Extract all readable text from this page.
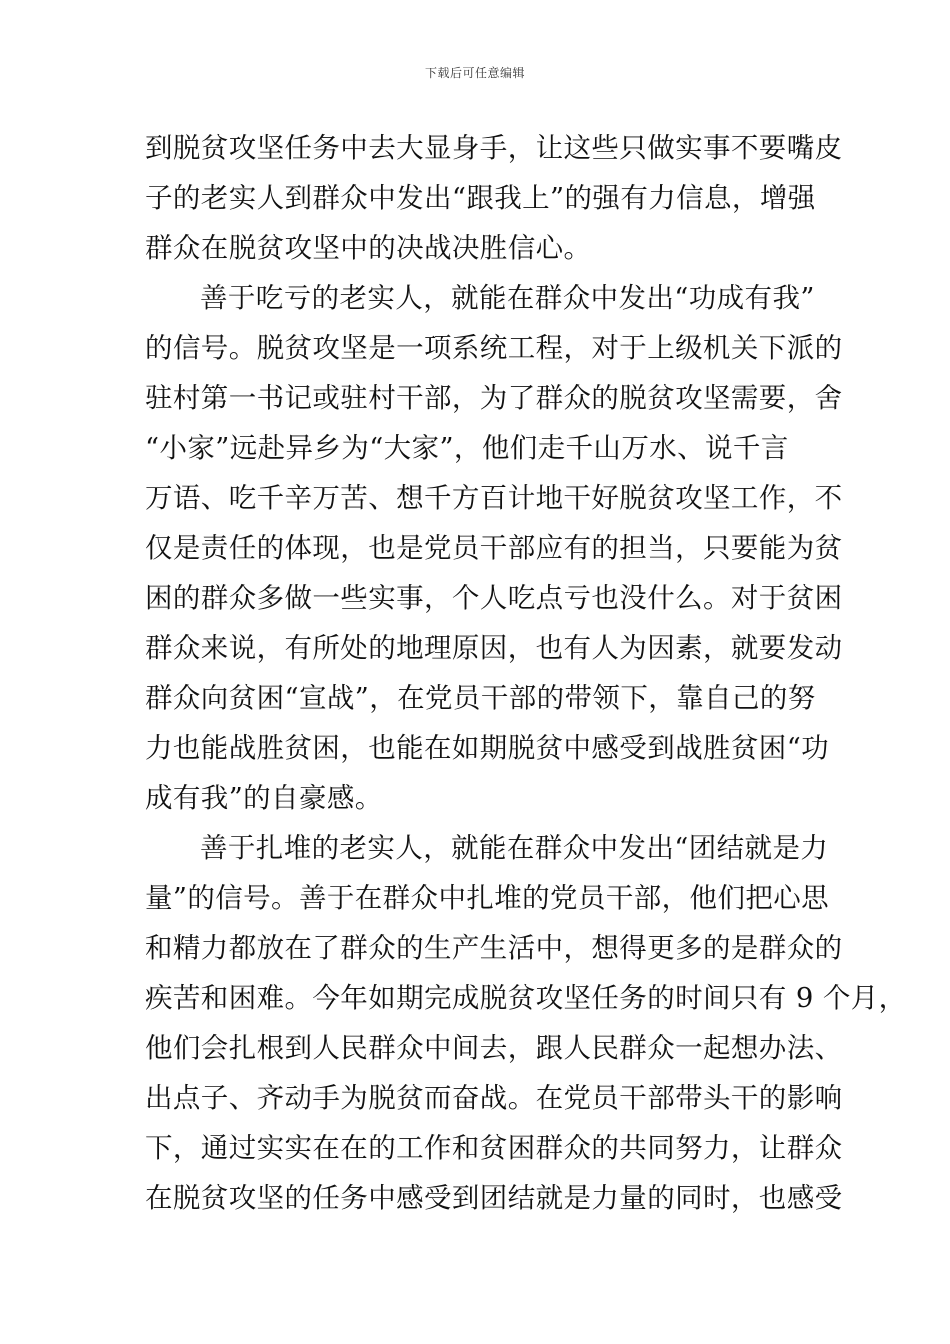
下载后可任意编辑
到脱贫攻坚任务中去大显身手，让这些只做实事不要嘴皮
子的老实人到群众中发出“跟我上”的强有力信息，增强
群众在脱贫攻坚中的决战决胜信心。
善于吃亏的老实人，就能在群众中发出“功成有我”
的信号。脱贫攻坚是一项系统工程，对于上级机关下派的
驻村第一书记或驻村干部，为了群众的脱贫攻坚需要，舍
“小家”远赴异乡为“大家”，他们走千山万水、说千言
万语、吃千辛万苦、想千方百计地干好脱贫攻坚工作，不
仅是责任的体现，也是党员干部应有的担当，只要能为贫
困的群众多做一些实事，个人吃点亏也没什么。对于贫困
群众来说，有所处的地理原因，也有人为因素，就要发动
群众向贫困“宣战”，在党员干部的带领下，靠自己的努
力也能战胜贫困，也能在如期脱贫中感受到战胜贫困“功
成有我”的自豪感。
善于扎堆的老实人，就能在群众中发出“团结就是力
量”的信号。善于在群众中扎堆的党员干部，他们把心思
和精力都放在了群众的生产生活中，想得更多的是群众的
疾苦和困难。今年如期完成脱贫攻坚任务的时间只有 9 个月，
他们会扎根到人民群众中间去，跟人民群众一起想办法、
出点子、齐动手为脱贫而奋战。在党员干部带头干的影响
下，通过实实在在的工作和贫困群众的共同努力，让群众
在脱贫攻坚的任务中感受到团结就是力量的同时，也感受
